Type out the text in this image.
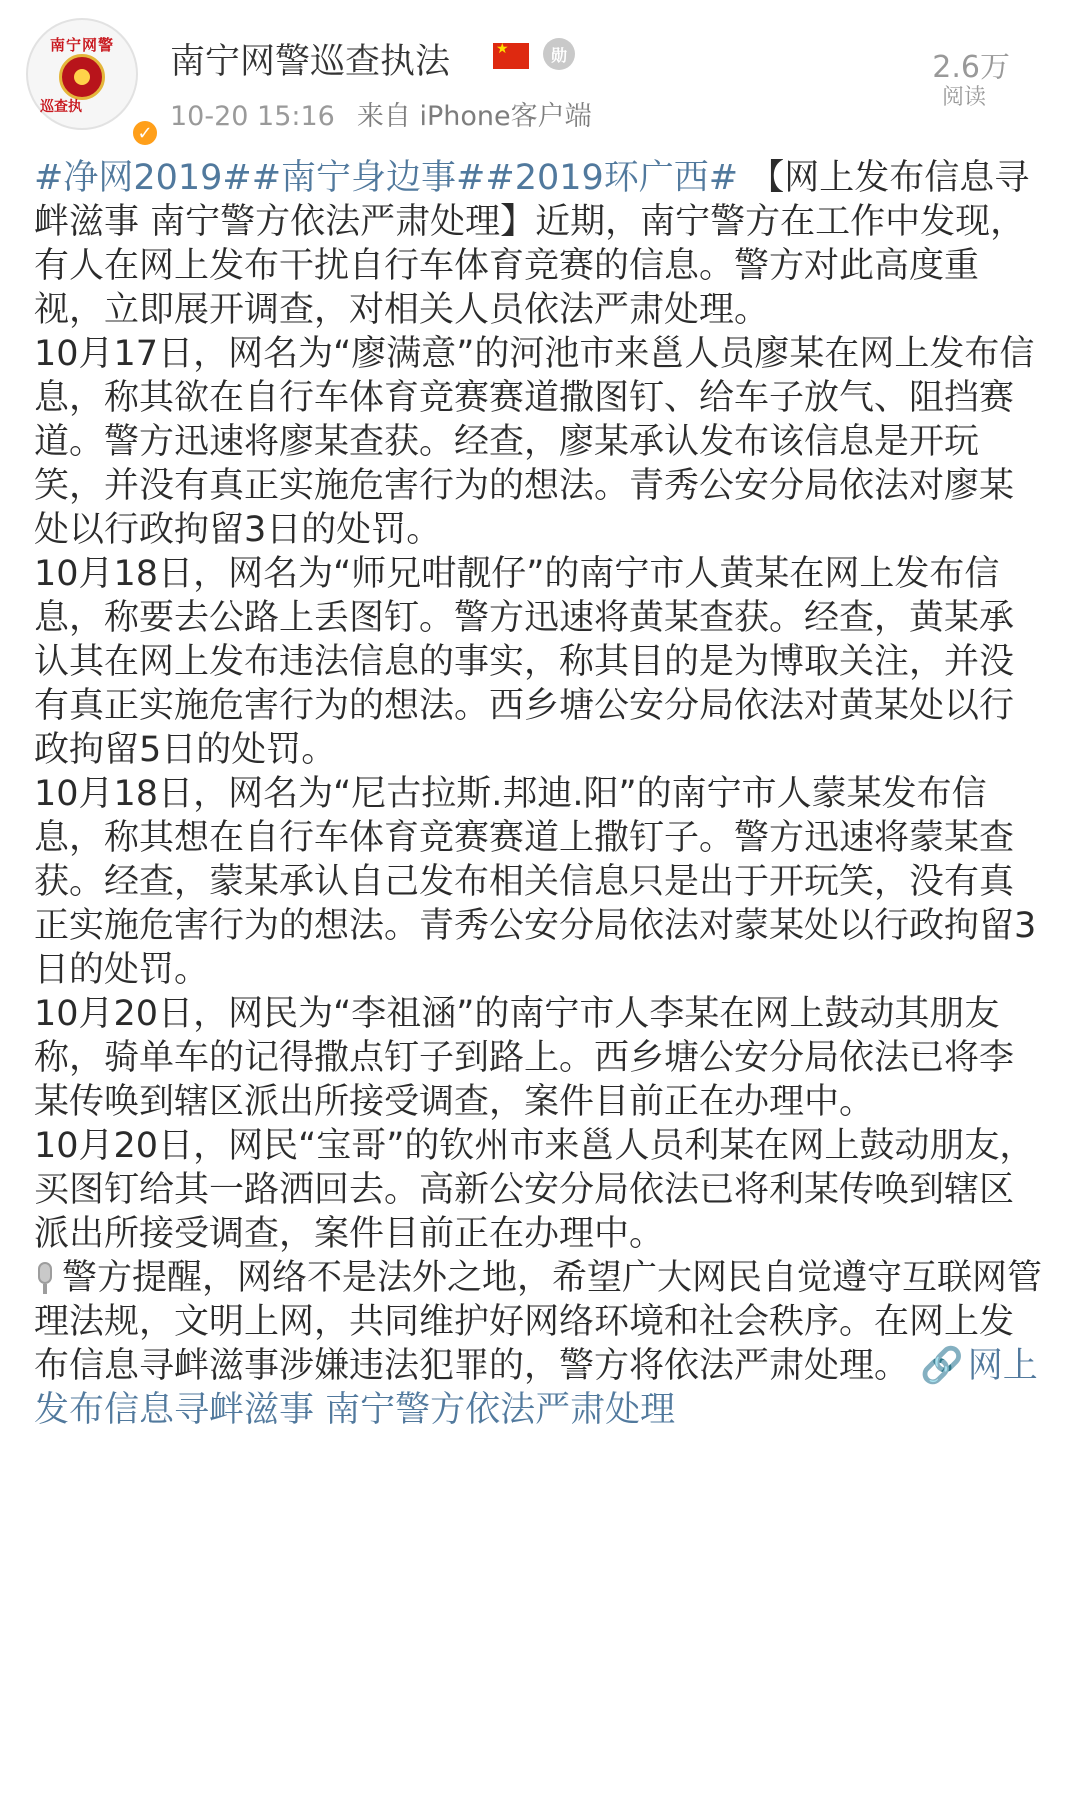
南宁网警
巡查执
✓
南宁网警巡查执法
★	勋
10-20 15:16 来自 iPhone客户端
2.6万
阅读

#净网2019##南宁身边事##2019环广西# 【网上发布信息寻衅滋事 南宁警方依法严肃处理】近期，南宁警方在工作中发现，有人在网上发布干扰自行车体育竞赛的信息。警方对此高度重视，立即展开调查，对相关人员依法严肃处理。

10月17日，网名为“廖满意”的河池市来邕人员廖某在网上发布信息，称其欲在自行车体育竞赛赛道撒图钉、给车子放气、阻挡赛道。警方迅速将廖某查获。经查，廖某承认发布该信息是开玩笑，并没有真正实施危害行为的想法。青秀公安分局依法对廖某处以行政拘留3日的处罚。

10月18日，网名为“师兄咁靓仔”的南宁市人黄某在网上发布信息，称要去公路上丢图钉。警方迅速将黄某查获。经查，黄某承认其在网上发布违法信息的事实，称其目的是为博取关注，并没有真正实施危害行为的想法。西乡塘公安分局依法对黄某处以行政拘留5日的处罚。

10月18日，网名为“尼古拉斯.邦迪.阳”的南宁市人蒙某发布信息，称其想在自行车体育竞赛赛道上撒钉子。警方迅速将蒙某查获。经查，蒙某承认自己发布相关信息只是出于开玩笑，没有真正实施危害行为的想法。青秀公安分局依法对蒙某处以行政拘留3日的处罚。

10月20日，网民为“李祖涵”的南宁市人李某在网上鼓动其朋友称，骑单车的记得撒点钉子到路上。西乡塘公安分局依法已将李某传唤到辖区派出所接受调查，案件目前正在办理中。

10月20日，网民“宝哥”的钦州市来邕人员利某在网上鼓动朋友，买图钉给其一路洒回去。高新公安分局依法已将利某传唤到辖区派出所接受调查，案件目前正在办理中。

警方提醒，网络不是法外之地，希望广大网民自觉遵守互联网管理法规，文明上网，共同维护好网络环境和社会秩序。在网上发布信息寻衅滋事涉嫌违法犯罪的，警方将依法严肃处理。 🔗 网上发布信息寻衅滋事 南宁警方依法严肃处理
